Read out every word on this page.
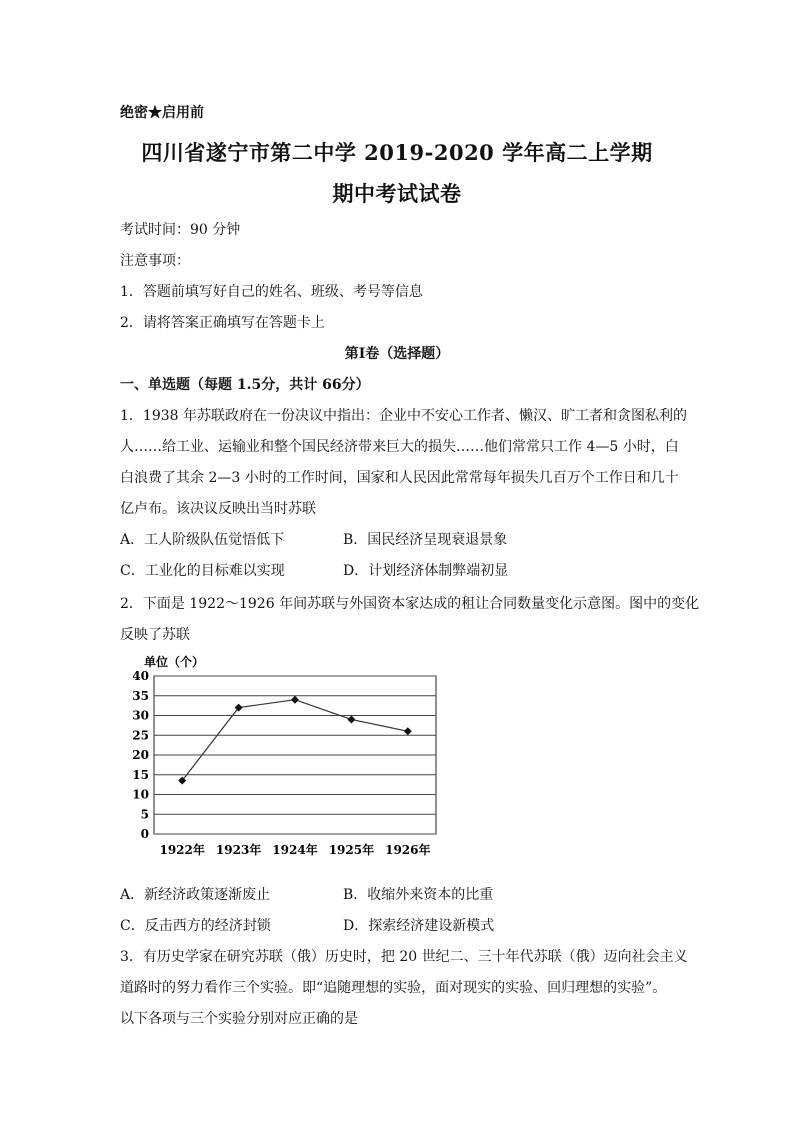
绝密★启用前
四川省遂宁市第二中学 2019-2020 学年高二上学期
期中考试试卷
考试时间：90 分钟
注意事项：
1．答题前填写好自己的姓名、班级、考号等信息
2．请将答案正确填写在答题卡上
第Ⅰ卷（选择题）
一、单选题（每题 1.5分，共计 66分）
1．1938 年苏联政府在一份决议中指出：企业中不安心工作者、懒汉、旷工者和贪图私利的
人……给工业、运输业和整个国民经济带来巨大的损失……他们常常只工作 4—5 小时，白
白浪费了其余 2—3 小时的工作时间，国家和人民因此常常每年损失几百万个工作日和几十
亿卢布。该决议反映出当时苏联
A．工人阶级队伍觉悟低下	B．国民经济呈现衰退景象
C．工业化的目标难以实现	D．计划经济体制弊端初显
2．下面是 1922～1926 年间苏联与外国资本家达成的租让合同数量变化示意图。图中的变化
反映了苏联
单位（个）
0
5
10
15
20
25
30
35
40
1922年 1923年 1924年 1925年 1926年
A．新经济政策逐渐废止	B．收缩外来资本的比重
C．反击西方的经济封锁	D．探索经济建设新模式
3．有历史学家在研究苏联（俄）历史时，把 20 世纪二、三十年代苏联（俄）迈向社会主义
道路时的努力看作三个实验。即“追随理想的实验，面对现实的实验、回归理想的实验”。
以下各项与三个实验分别对应正确的是
